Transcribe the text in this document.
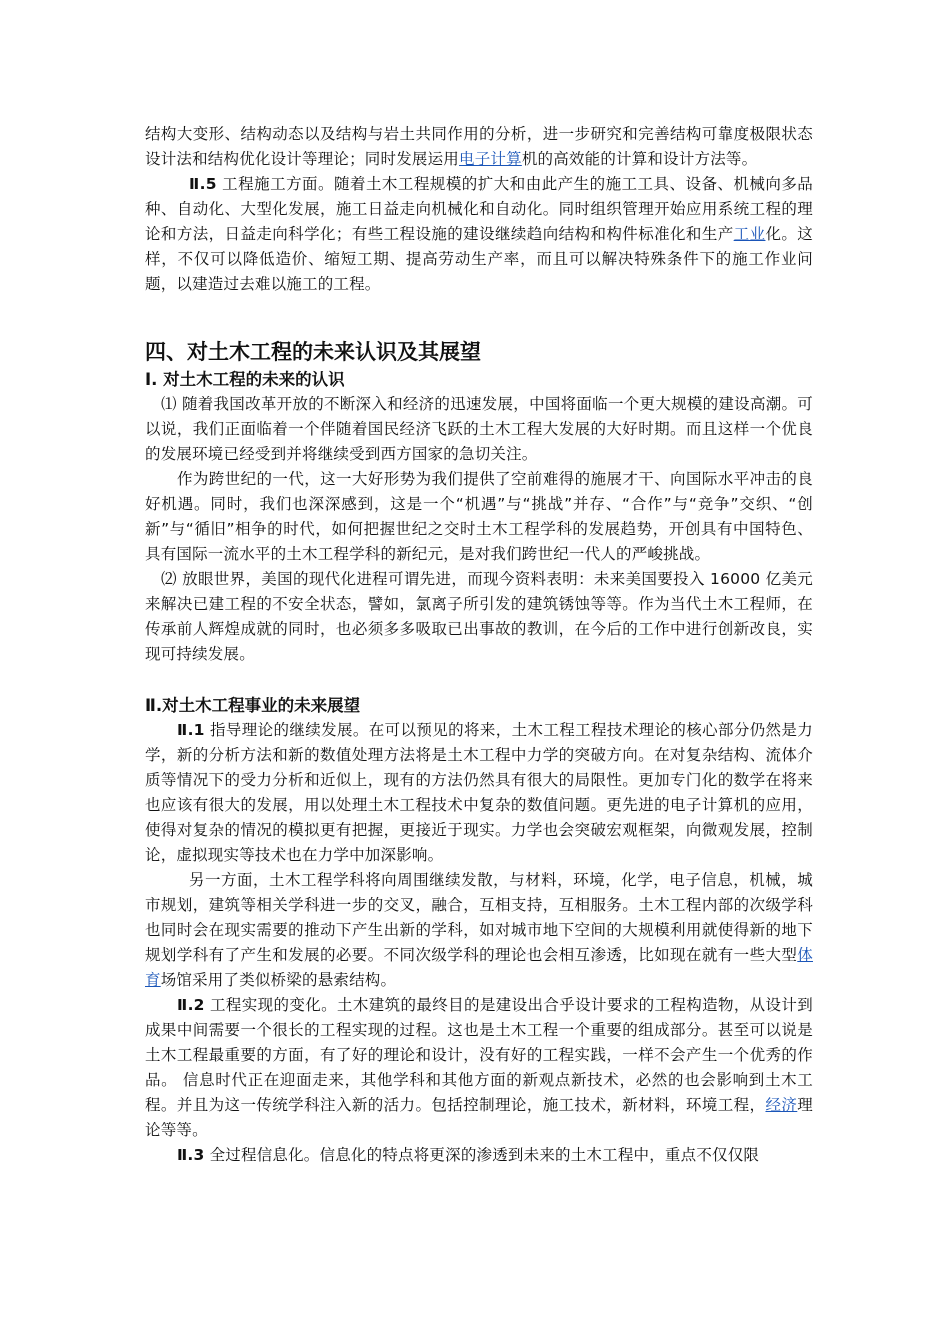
结构大变形、结构动态以及结构与岩土共同作用的分析，进一步研究和完善结构可靠度极限状态设计法和结构优化设计等理论；同时发展运用电子计算机的高效能的计算和设计方法等。

Ⅱ.5 工程施工方面。随着土木工程规模的扩大和由此产生的施工工具、设备、机械向多品种、自动化、大型化发展，施工日益走向机械化和自动化。同时组织管理开始应用系统工程的理论和方法，日益走向科学化；有些工程设施的建设继续趋向结构和构件标准化和生产工业化。这样，不仅可以降低造价、缩短工期、提高劳动生产率，而且可以解决特殊条件下的施工作业问题，以建造过去难以施工的工程。

四、对土木工程的未来认识及其展望
Ⅰ. 对土木工程的未来的认识

⑴ 随着我国改革开放的不断深入和经济的迅速发展，中国将面临一个更大规模的建设高潮。可以说，我们正面临着一个伴随着国民经济飞跃的土木工程大发展的大好时期。而且这样一个优良的发展环境已经受到并将继续受到西方国家的急切关注。

作为跨世纪的一代，这一大好形势为我们提供了空前难得的施展才干、向国际水平冲击的良好机遇。同时，我们也深深感到，这是一个“机遇”与“挑战”并存、“合作”与“竞争”交织、“创新”与“循旧”相争的时代，如何把握世纪之交时土木工程学科的发展趋势，开创具有中国特色、具有国际一流水平的土木工程学科的新纪元，是对我们跨世纪一代人的严峻挑战。

⑵ 放眼世界，美国的现代化进程可谓先进，而现今资料表明：未来美国要投入 16000 亿美元来解决已建工程的不安全状态，譬如，氯离子所引发的建筑锈蚀等等。作为当代土木工程师，在传承前人辉煌成就的同时，也必须多多吸取已出事故的教训，在今后的工作中进行创新改良，实现可持续发展。

Ⅱ.对土木工程事业的未来展望

Ⅱ.1 指导理论的继续发展。在可以预见的将来，土木工程工程技术理论的核心部分仍然是力学，新的分析方法和新的数值处理方法将是土木工程中力学的突破方向。在对复杂结构、流体介质等情况下的受力分析和近似上，现有的方法仍然具有很大的局限性。更加专门化的数学在将来也应该有很大的发展，用以处理土木工程技术中复杂的数值问题。更先进的电子计算机的应用，使得对复杂的情况的模拟更有把握，更接近于现实。力学也会突破宏观框架，向微观发展，控制论，虚拟现实等技术也在力学中加深影响。

另一方面，土木工程学科将向周围继续发散，与材料，环境，化学，电子信息，机械，城市规划，建筑等相关学科进一步的交叉，融合，互相支持，互相服务。土木工程内部的次级学科也同时会在现实需要的推动下产生出新的学科，如对城市地下空间的大规模利用就使得新的地下规划学科有了产生和发展的必要。不同次级学科的理论也会相互渗透，比如现在就有一些大型体育场馆采用了类似桥梁的悬索结构。

Ⅱ.2 工程实现的变化。土木建筑的最终目的是建设出合乎设计要求的工程构造物，从设计到成果中间需要一个很长的工程实现的过程。这也是土木工程一个重要的组成部分。甚至可以说是土木工程最重要的方面，有了好的理论和设计，没有好的工程实践，一样不会产生一个优秀的作品。 信息时代正在迎面走来，其他学科和其他方面的新观点新技术，必然的也会影响到土木工程。并且为这一传统学科注入新的活力。包括控制理论，施工技术，新材料，环境工程，经济理论等等。

Ⅱ.3 全过程信息化。信息化的特点将更深的渗透到未来的土木工程中，重点不仅仅限
